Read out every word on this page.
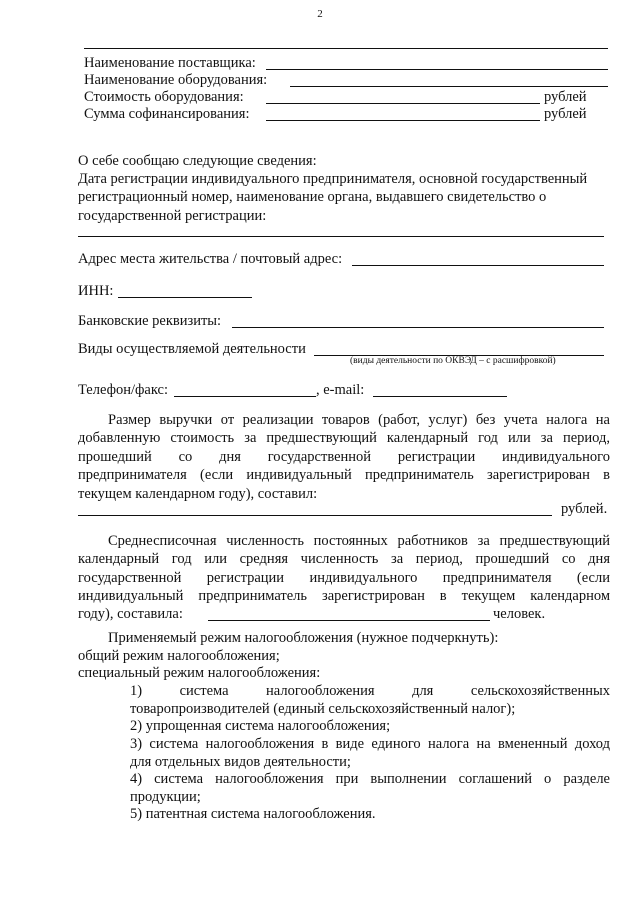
2
Наименование поставщика:
Наименование оборудования:
Стоимость оборудования:	рублей
Сумма софинансирования:	рублей
О себе сообщаю следующие сведения:
Дата регистрации индивидуального предпринимателя, основной государственный
регистрационный номер, наименование органа, выдавшего свидетельство о
государственной регистрации:
Адрес места жительства / почтовый адрес:
ИНН:
Банковские реквизиты:
Виды осуществляемой деятельности
(виды деятельности по ОКВЭД – с расшифровкой)
Телефон/факс:	, e-mail:
Размер выручки от реализации товаров (работ, услуг) без учета налога на
добавленную стоимость за предшествующий календарный год или за период,
прошедший со дня государственной регистрации индивидуального
предпринимателя (если индивидуальный предприниматель зарегистрирован в
текущем календарном году), составил:
рублей.
Среднесписочная численность постоянных работников за предшествующий
календарный год или средняя численность за период, прошедший со дня
государственной регистрации индивидуального предпринимателя (если
индивидуальный предприниматель зарегистрирован в текущем календарном
году), составила:	человек.
Применяемый режим налогообложения (нужное подчеркнуть):
общий режим налогообложения;
специальный режим налогообложения:
1) система налогообложения для сельскохозяйственных
товаропроизводителей (единый сельскохозяйственный налог);
2) упрощенная система налогообложения;
3) система налогообложения в виде единого налога на вмененный доход
для отдельных видов деятельности;
4) система налогообложения при выполнении соглашений о разделе
продукции;
5) патентная система налогообложения.
